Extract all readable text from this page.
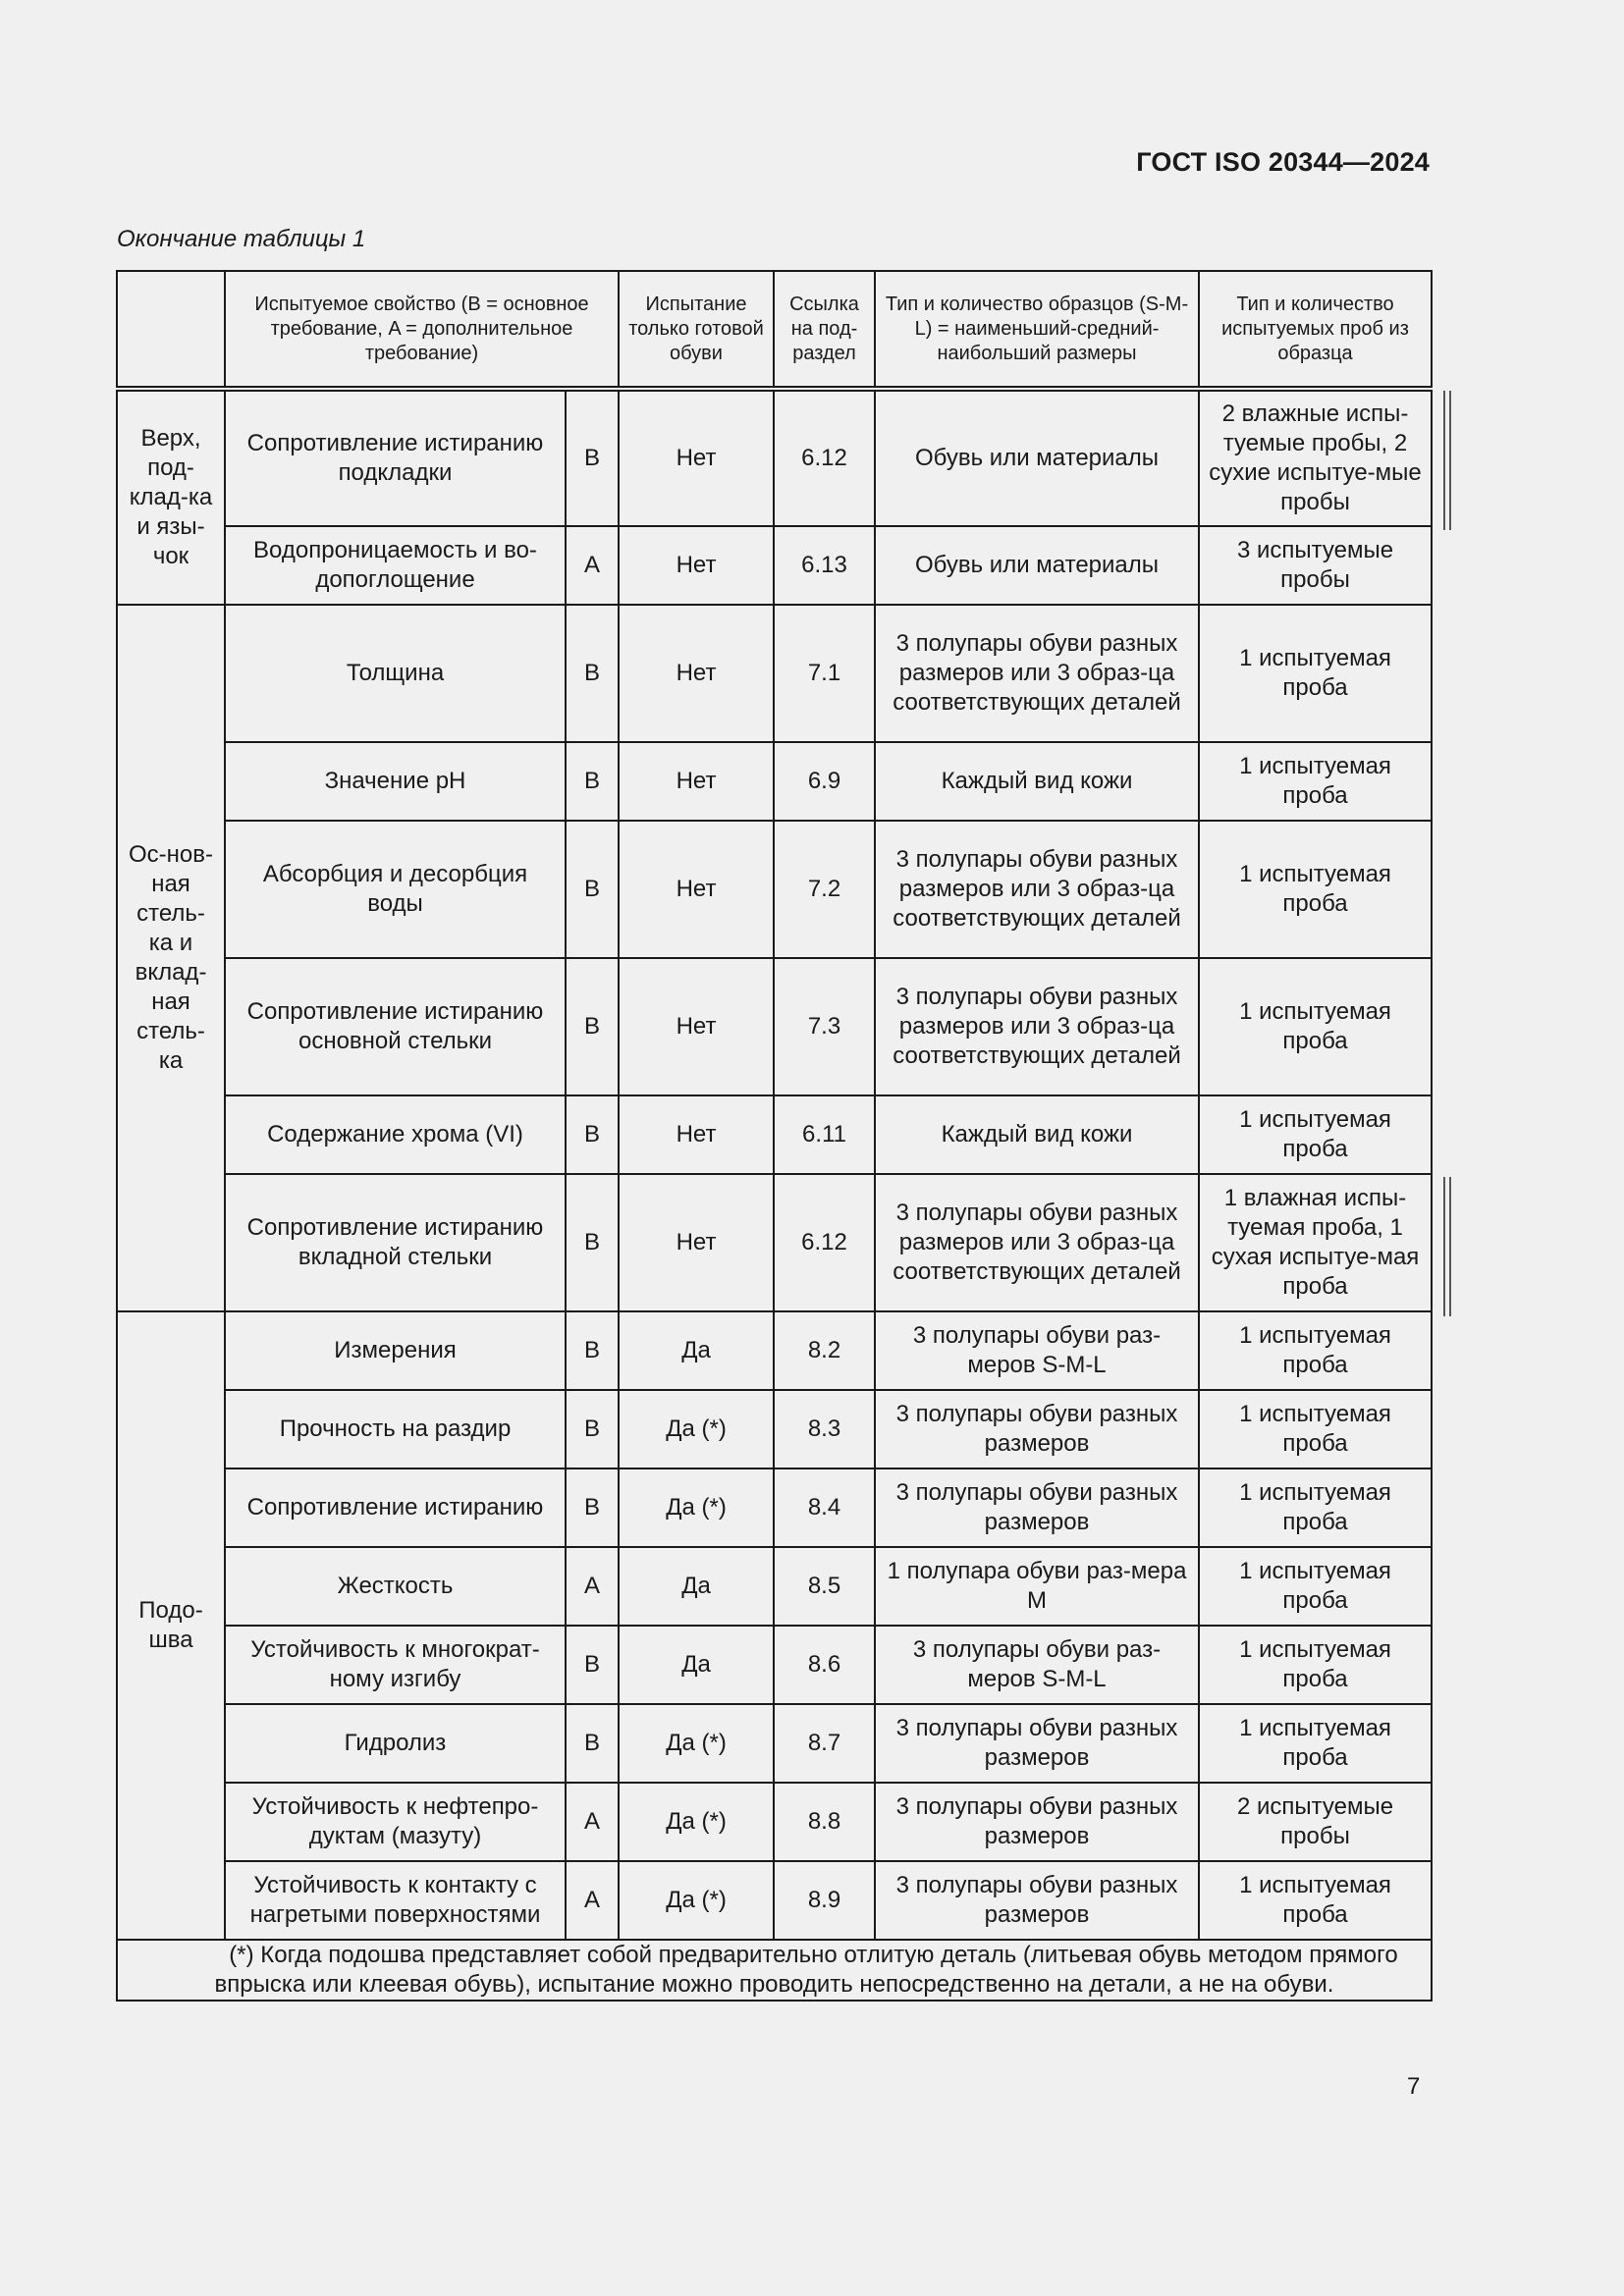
ГОСТ ISO 20344—2024
Окончание таблицы 1
	Испытуемое свойство (B = основное требование, A = дополнительное требование)		Испытание только готовой обуви	Ссылка на под-раздел	Тип и количество образцов (S-M-L) = наименьший-средний-наибольший размеры	Тип и количество испытуемых проб из образца
Верх, под-клад-ка и язы-чок	Сопротивление истиранию подкладки	B	Нет	6.12	Обувь или материалы	2 влажные испы-туемые пробы, 2 сухие испытуе-мые пробы
	Водопроницаемость и во-допоглощение	A	Нет	6.13	Обувь или материалы	3 испытуемые пробы
Ос-нов-ная стель-ка и вклад-ная стель-ка	Толщина	B	Нет	7.1	3 полупары обуви разных размеров или 3 образ-ца соответствующих деталей	1 испытуемая проба
	Значение pH	B	Нет	6.9	Каждый вид кожи	1 испытуемая проба
	Абсорбция и десорбция воды	B	Нет	7.2	3 полупары обуви разных размеров или 3 образ-ца соответствующих деталей	1 испытуемая проба
	Сопротивление истиранию основной стельки	B	Нет	7.3	3 полупары обуви разных размеров или 3 образ-ца соответствующих деталей	1 испытуемая проба
	Содержание хрома (VI)	B	Нет	6.11	Каждый вид кожи	1 испытуемая проба
	Сопротивление истиранию вкладной стельки	B	Нет	6.12	3 полупары обуви разных размеров или 3 образ-ца соответствующих деталей	1 влажная испы-туемая проба, 1 сухая испытуе-мая проба
Подо-шва	Измерения	B	Да	8.2	3 полупары обуви раз-меров S-M-L	1 испытуемая проба
	Прочность на раздир	B	Да (*)	8.3	3 полупары обуви разных размеров	1 испытуемая проба
	Сопротивление истиранию	B	Да (*)	8.4	3 полупары обуви разных размеров	1 испытуемая проба
	Жесткость	A	Да	8.5	1 полупара обуви раз-мера M	1 испытуемая проба
	Устойчивость к многократ-ному изгибу	B	Да	8.6	3 полупары обуви раз-меров S-M-L	1 испытуемая проба
	Гидролиз	B	Да (*)	8.7	3 полупары обуви разных размеров	1 испытуемая проба
	Устойчивость к нефтепро-дуктам (мазуту)	A	Да (*)	8.8	3 полупары обуви разных размеров	2 испытуемые пробы
	Устойчивость к контакту с нагретыми поверхностями	A	Да (*)	8.9	3 полупары обуви разных размеров	1 испытуемая проба
(*) Когда подошва представляет собой предварительно отлитую деталь (литьевая обувь методом прямого впрыска или клеевая обувь), испытание можно проводить непосредственно на детали, а не на обуви.						
7
